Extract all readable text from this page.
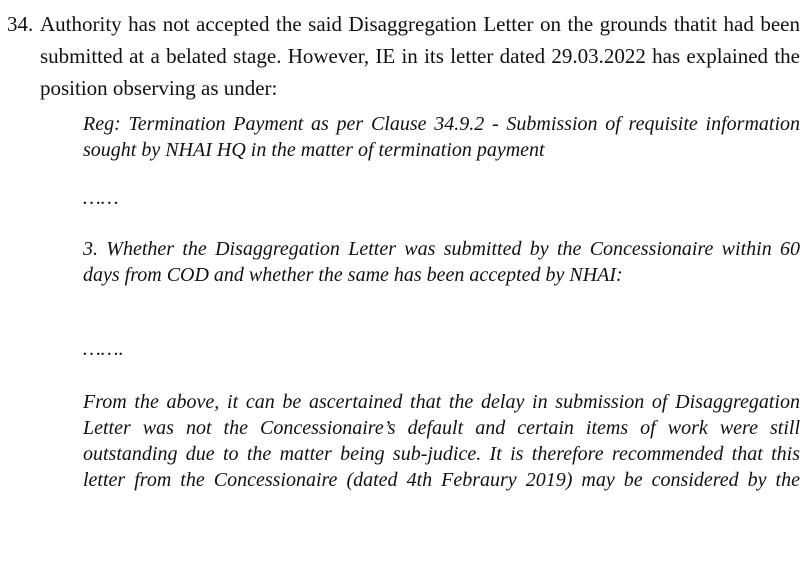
34. Authority has not accepted the said Disaggregation Letter on the grounds thatit had been submitted at a belated stage. However, IE in its letter dated 29.03.2022 has explained the position observing as under:

Reg: Termination Payment as per Clause 34.9.2 - Submission of requisite information sought by NHAI HQ in the matter of termination payment

……

3. Whether the Disaggregation Letter was submitted by the Concessionaire within 60 days from COD and whether the same has been accepted by NHAI:

…….

From the above, it can be ascertained that the delay in submission of Disaggregation Letter was not the Concessionaire’s default and certain items of work were still outstanding due to the matter being sub-judice. It is therefore recommended that this letter from the Concessionaire (dated 4th Febraury 2019) may be considered by the
